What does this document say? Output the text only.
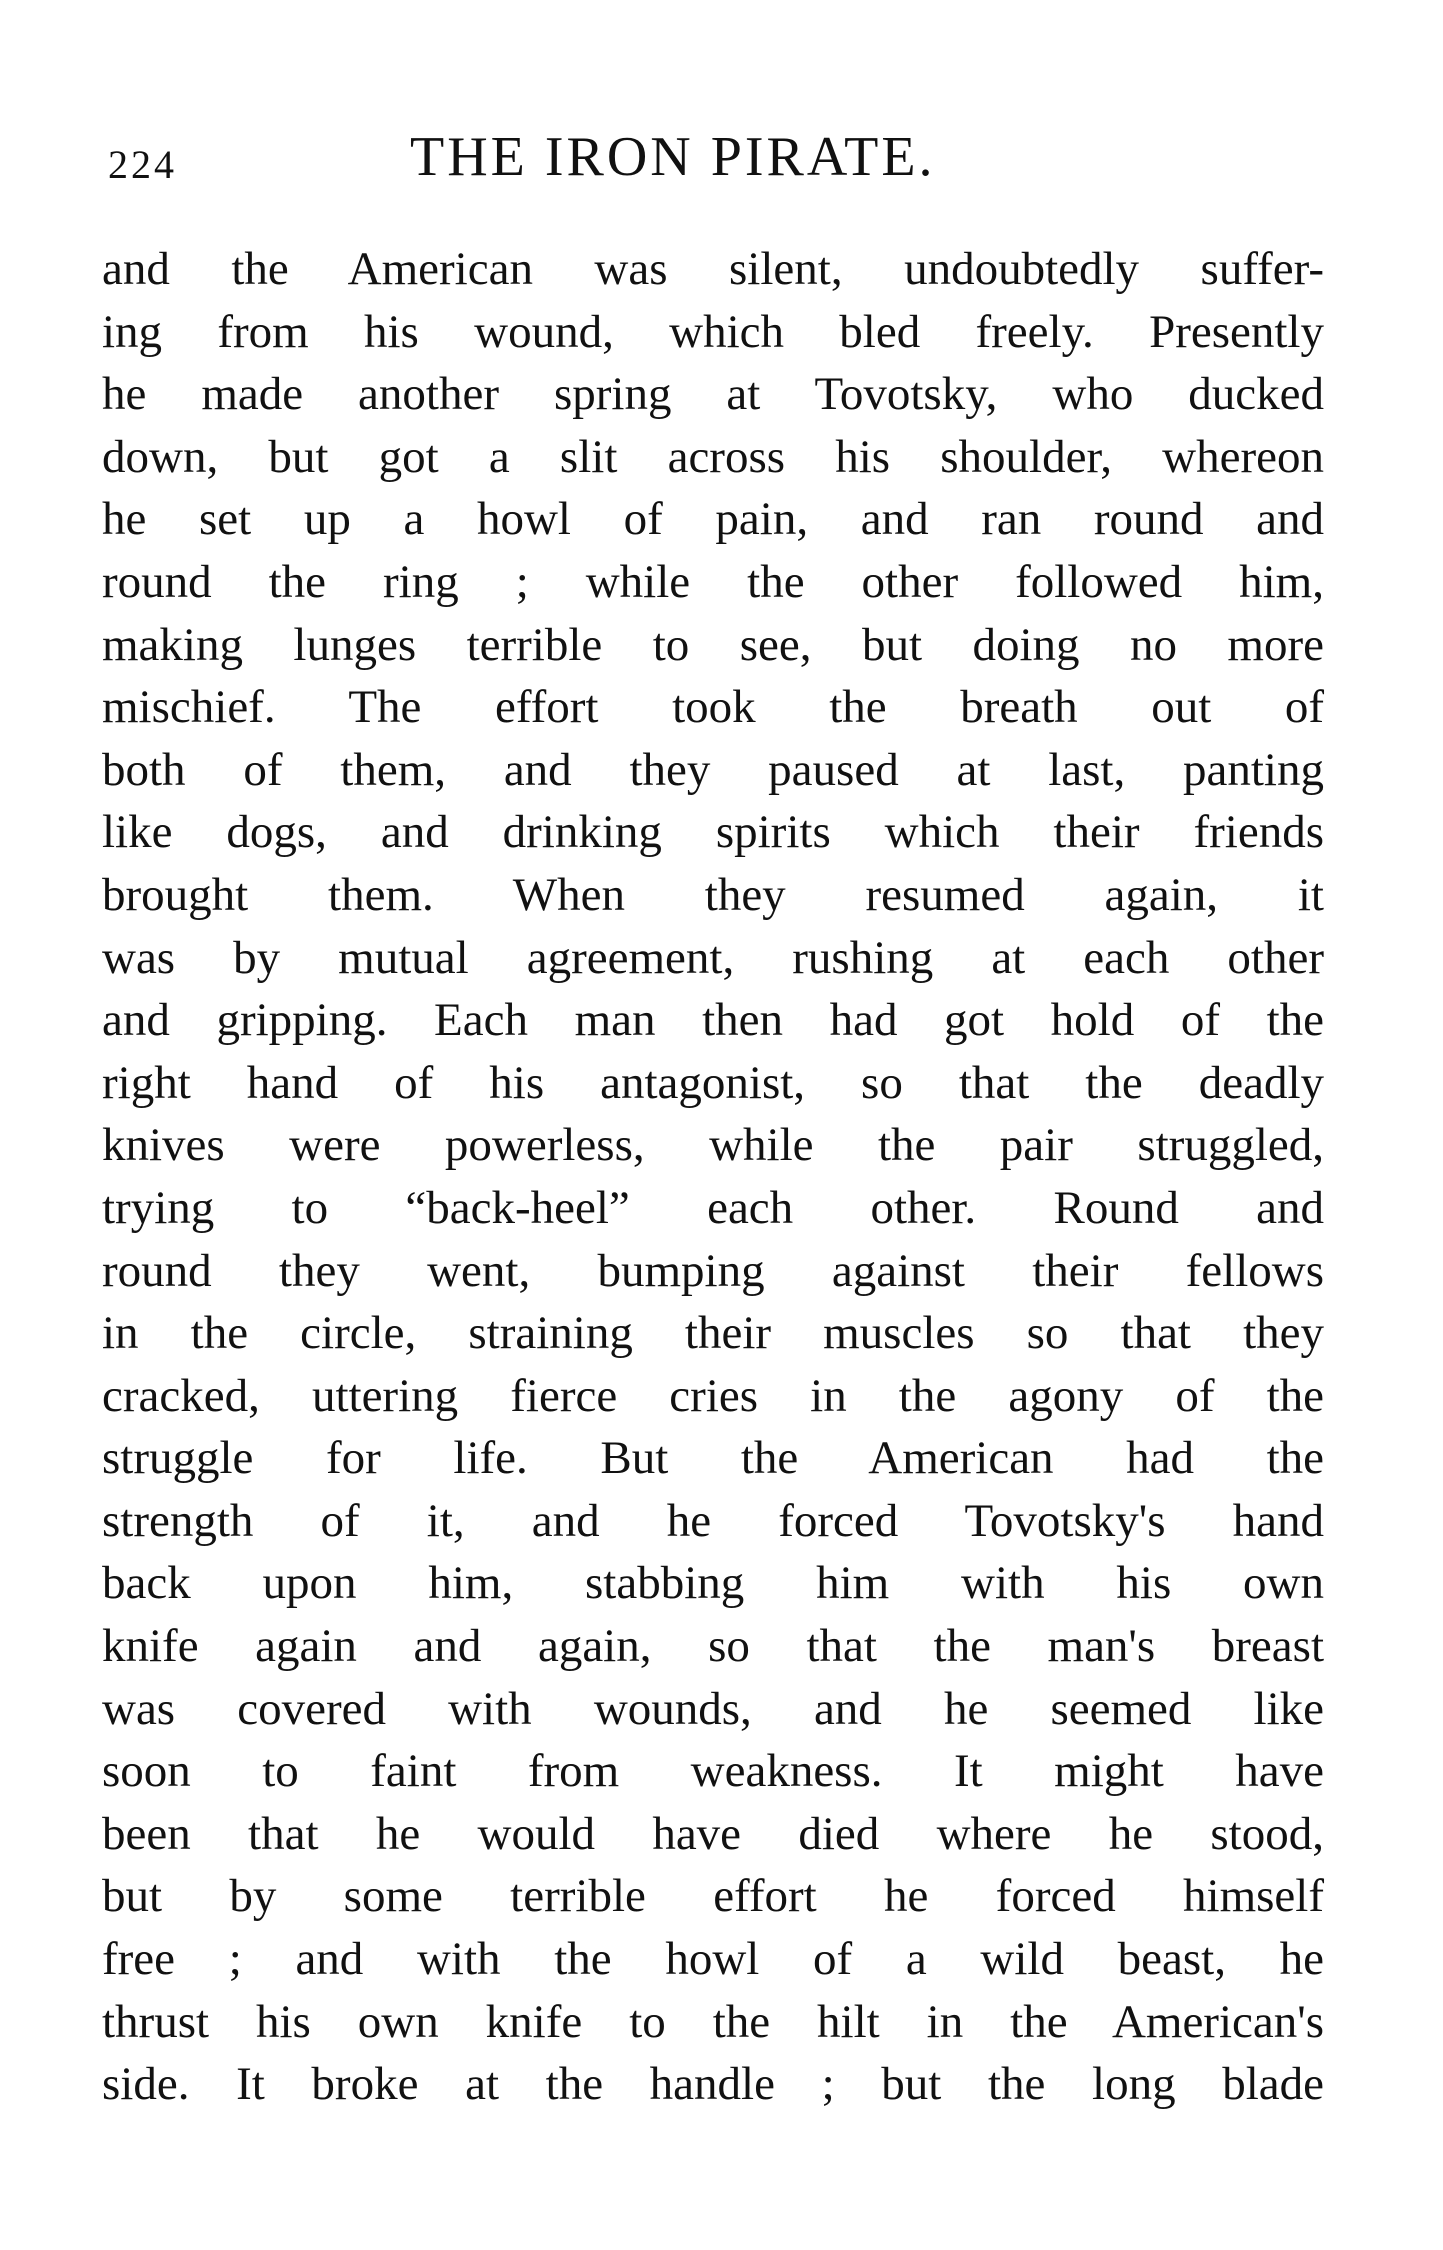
224	THE IRON PIRATE.
and the American was silent, undoubtedly suffer-
ing from his wound, which bled freely. Presently
he made another spring at Tovotsky, who ducked
down, but got a slit across his shoulder, whereon
he set up a howl of pain, and ran round and
round the ring ; while the other followed him,
making lunges terrible to see, but doing no more
mischief. The effort took the breath out of
both of them, and they paused at last, panting
like dogs, and drinking spirits which their friends
brought them. When they resumed again, it
was by mutual agreement, rushing at each other
and gripping. Each man then had got hold of the
right hand of his antagonist, so that the deadly
knives were powerless, while the pair struggled,
trying to “back-heel” each other. Round and
round they went, bumping against their fellows
in the circle, straining their muscles so that they
cracked, uttering fierce cries in the agony of the
struggle for life. But the American had the
strength of it, and he forced Tovotsky's hand
back upon him, stabbing him with his own
knife again and again, so that the man's breast
was covered with wounds, and he seemed like
soon to faint from weakness. It might have
been that he would have died where he stood,
but by some terrible effort he forced himself
free ; and with the howl of a wild beast, he
thrust his own knife to the hilt in the American's
side. It broke at the handle ; but the long blade
